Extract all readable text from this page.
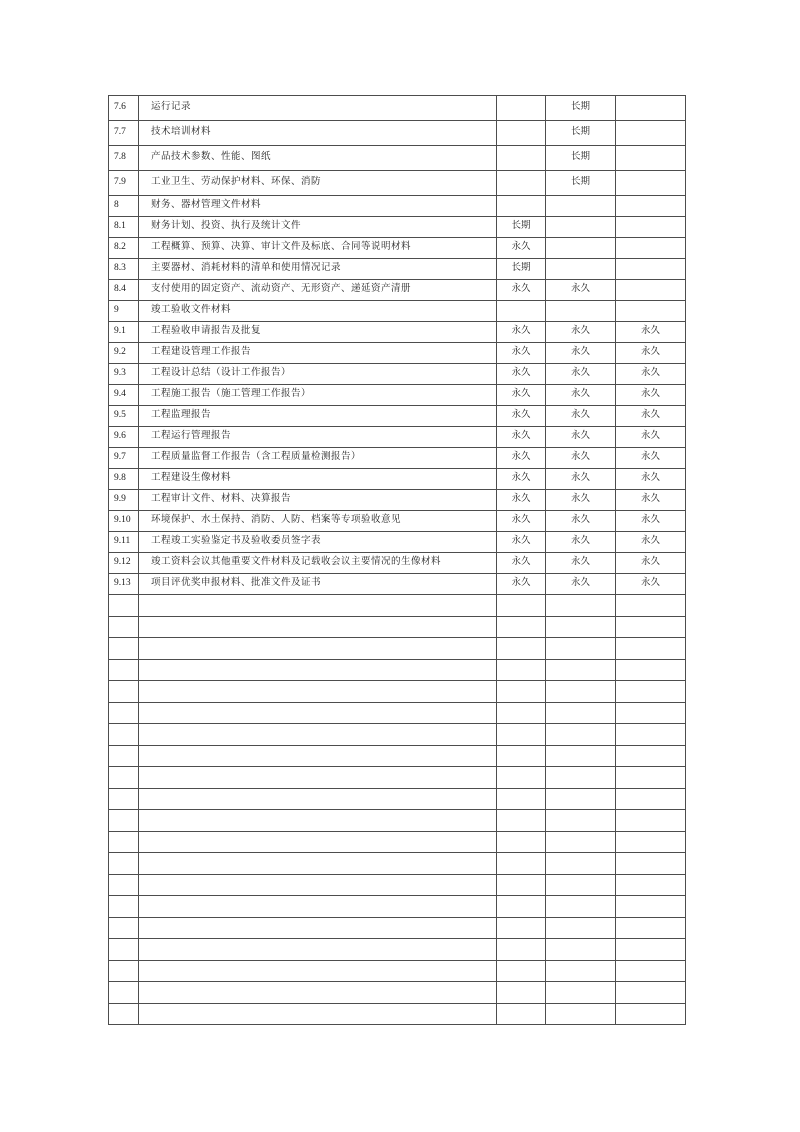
7.6	运行记录		长期	
7.7	技术培训材料		长期	
7.8	产品技术参数、性能、图纸		长期	
7.9	工业卫生、劳动保护材料、环保、消防		长期	
8	财务、器材管理文件材料			
8.1	财务计划、投资、执行及统计文件	长期		
8.2	工程概算、预算、决算、审计文件及标底、合同等说明材料	永久		
8.3	主要器材、消耗材料的清单和使用情况记录	长期		
8.4	支付使用的固定资产、流动资产、无形资产、递延资产清册	永久	永久	
9	竣工验收文件材料			
9.1	工程验收申请报告及批复	永久	永久	永久
9.2	工程建设管理工作报告	永久	永久	永久
9.3	工程设计总结（设计工作报告）	永久	永久	永久
9.4	工程施工报告（施工管理工作报告）	永久	永久	永久
9.5	工程监理报告	永久	永久	永久
9.6	工程运行管理报告	永久	永久	永久
9.7	工程质量监督工作报告（含工程质量检测报告）	永久	永久	永久
9.8	工程建设生像材料	永久	永久	永久
9.9	工程审计文件、材料、决算报告	永久	永久	永久
9.10	环境保护、水土保持、消防、人防、档案等专项验收意见	永久	永久	永久
9.11	工程竣工实验鉴定书及验收委员签字表	永久	永久	永久
9.12	竣工资料会议其他重要文件材料及记载收会议主要情况的生像材料	永久	永久	永久
9.13	项目评优奖申报材料、批准文件及证书	永久	永久	永久
